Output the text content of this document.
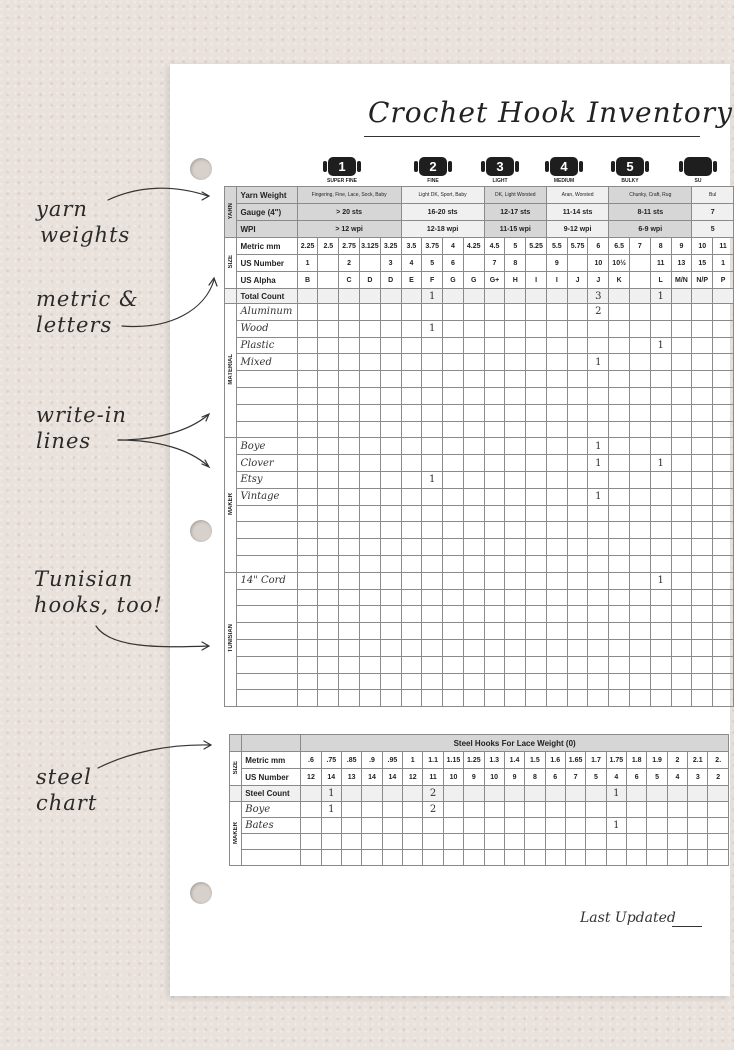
yarn
weights
metric &
letters
write-in
lines
Tunisian
hooks, too!
steel
chart
Crochet Hook Inventory
1
SUPER FINE
2
FINE
3
LIGHT
4
MEDIUM
5
BULKY	SU
YARN	Yarn Weight	Fingering, Fine, Lace, Sock, Baby					Light DK, Sport, Baby				DK, Light Worsted			Aran, Worsted			Chunky, Craft, Rug				Bul	
	Gauge (4")	> 20 sts					16-20 sts				12-17 sts			11-14 sts			8-11 sts				7	
	WPI	> 12 wpi					12-18 wpi				11-15 wpi			9-12 wpi			6-9 wpi				5	
SIZE	Metric mm	2.25	2.5	2.75	3.125	3.25	3.5	3.75	4	4.25	4.5	5	5.25	5.5	5.75	6	6.5	7	8	9	10	11
	US Number	1		2		3	4	5	6		7	8		9		10	10½		11	13	15	1
	US Alpha	B		C	D	D	E	F	G	G	G+	H	I	I	J	J	K		L	M/N	N/P	P
	Total Count							1								3			1			
MATERIAL	Aluminum															2						
	Wood							1														
	Plastic																		1			
	Mixed															1						

MAKER	Boye															1						
	Clover															1			1			
	Etsy							1														
	Vintage															1						

TUNISIAN	14" Cord																		1			

		Steel Hooks For Lace Weight (0)																				
SIZE	Metric mm	.6	.75	.85	.9	.95	1	1.1	1.15	1.25	1.3	1.4	1.5	1.6	1.65	1.7	1.75	1.8	1.9	2	2.1	2.
	US Number	12	14	13	14	14	12	11	10	9	10	9	8	6	7	5	4	6	5	4	3	2
	Steel Count		1					2									1					
MAKER	Boye		1					2														
	Bates																1					

Last Updated
